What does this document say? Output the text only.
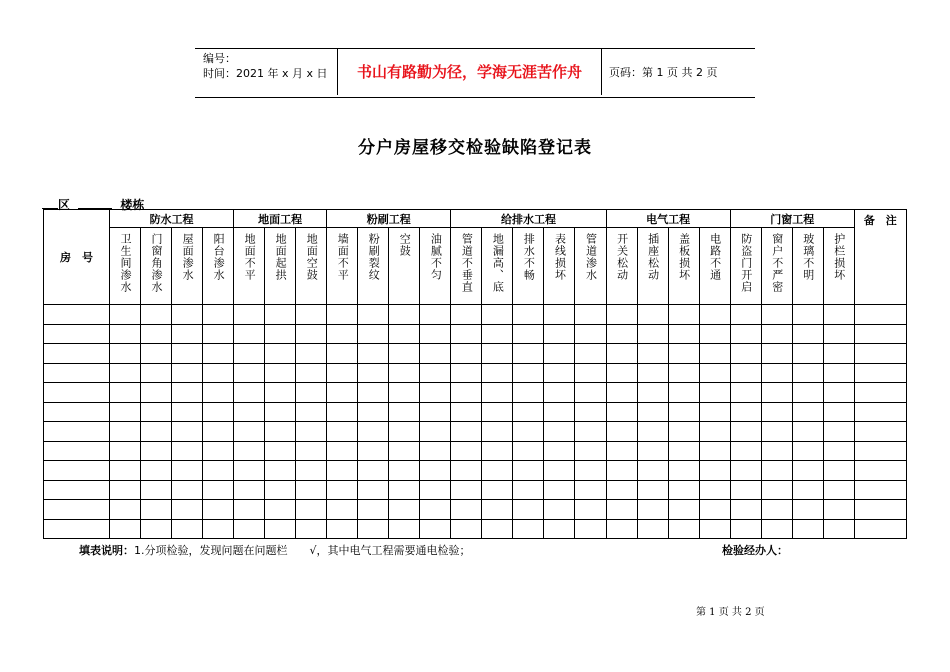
编号：
时间：2021 年 x 月 x 日	书山有路勤为径，学海无涯苦作舟	页码：第 1 页 共 2 页
分户房屋移交检验缺陷登记表
区	楼栋
房　号	防水工程				地面工程			粉刷工程				给排水工程					电气工程				门窗工程				备　注
	卫生间渗水	门窗角渗水	屋面渗水	阳台渗水	地面不平	地面起拱	地面空鼓	墙面不平	粉刷裂纹	空鼓	油腻不匀	管道不垂直	地漏高、底	排水不畅	表线损坏	管道渗水	开关松动	插座松动	盖板损坏	电路不通	防盗门开启	窗户不严密	玻璃不明	护栏损坏	

填表说明：1.分项检验，发现问题在问题栏　　√，其中电气工程需要通电检验；	检验经办人：
第 1 页 共 2 页
